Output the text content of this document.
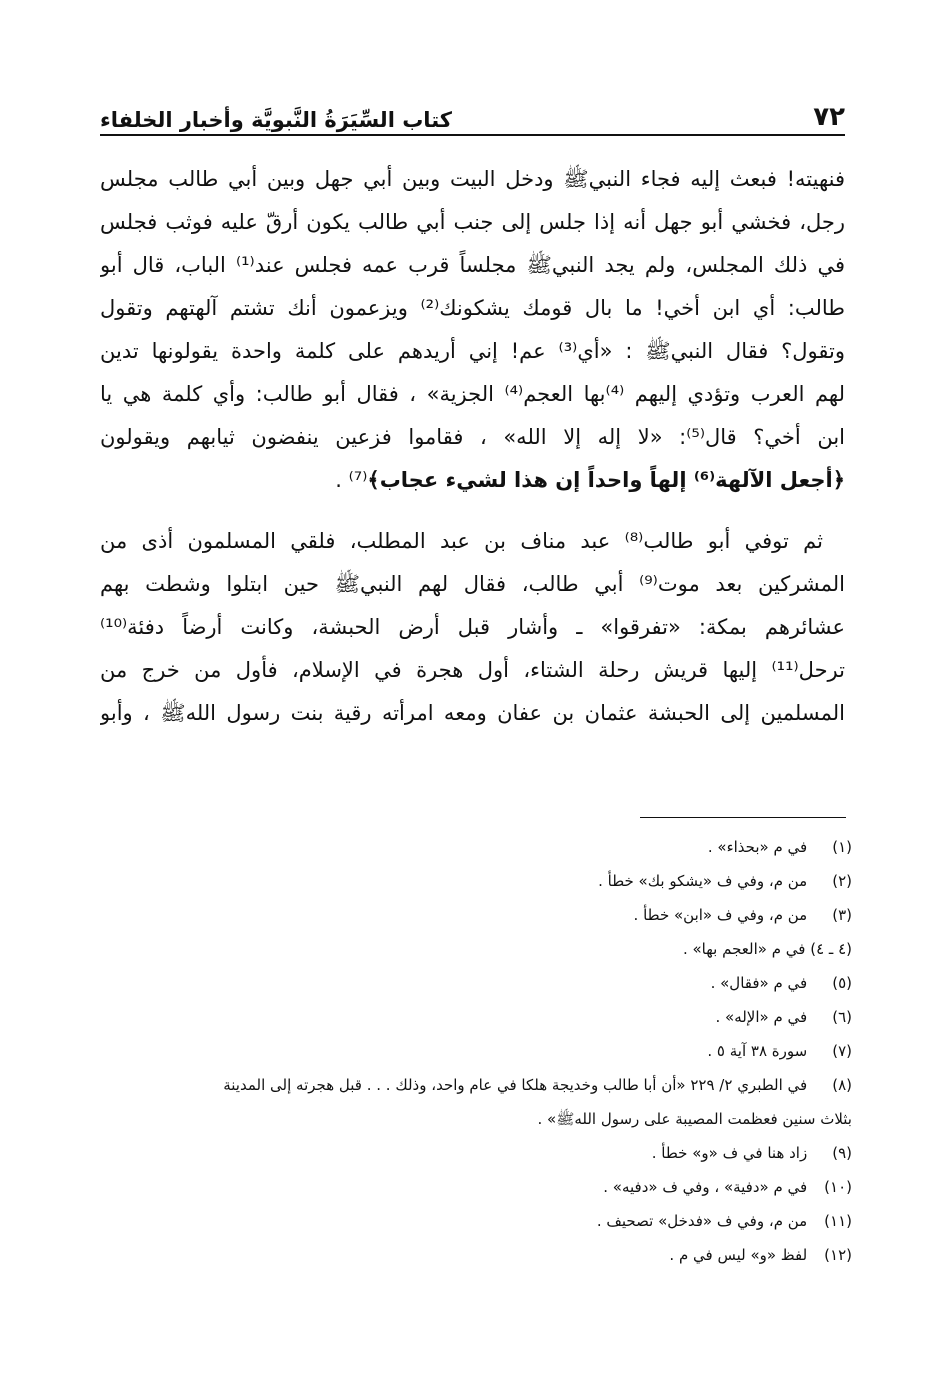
٧٢
كتاب السِّيَرَةُ النَّبويَّة وأخبار الخلفاء
فنهيته! فبعث إليه فجاء النبيﷺ ودخل البيت وبين أبي جهل وبين أبي طالب مجلس
رجل، فخشي أبو جهل أنه إذا جلس إلى جنب أبي طالب يكون أرقّ عليه فوثب فجلس
في ذلك المجلس، ولم يجد النبيﷺ مجلساً قرب عمه فجلس عند⁽¹⁾ الباب، قال أبو
طالب: أي ابن أخي! ما بال قومك يشكونك⁽²⁾ ويزعمون أنك تشتم آلهتهم وتقول
وتقول؟ فقال النبيﷺ : «أي⁽³⁾ عم! إني أريدهم على كلمة واحدة يقولونها تدين
لهم العرب وتؤدي إليهم ⁽⁴⁾بها العجم⁽⁴⁾ الجزية» ، فقال أبو طالب: وأي كلمة هي يا
ابن أخي؟ قال⁽⁵⁾: «لا إله إلا الله» ، فقاموا فزعين ينفضون ثيابهم ويقولون
﴿أجعل الآلهة⁽⁶⁾ إلهاً واحداً إن هذا لشيء عجاب﴾⁽⁷⁾ .
ثم توفي أبو طالب⁽⁸⁾ عبد مناف بن عبد المطلب، فلقي المسلمون أذى من
المشركين بعد موت⁽⁹⁾ أبي طالب، فقال لهم النبيﷺ حين ابتلوا وشطت بهم
عشائرهم بمكة: «تفرقوا» ـ وأشار قبل أرض الحبشة، وكانت أرضاً دفئة⁽¹⁰⁾
ترحل⁽¹¹⁾ إليها قريش رحلة الشتاء، أول هجرة في الإسلام، فأول من خرج من
المسلمين إلى الحبشة عثمان بن عفان ومعه امرأته رقية بنت رسول اللهﷺ ، وأبو
(١) في م «بحذاء» .
(٢) من م، وفي ف «يشكو بك» خطأ .
(٣) من م، وفي ف «ابن» خطأ .
(٤ ـ ٤) في م «العجم بها» .
(٥) في م «فقال» .
(٦) في م «الإله» .
(٧) سورة ٣٨ آية ٥ .
(٨) في الطبري ٢/ ٢٢٩ «أن أبا طالب وخديجة هلكا في عام واحد، وذلك . . . قبل هجرته إلى المدينة
بثلاث سنين فعظمت المصيبة على رسول اللهﷺ» .
(٩) زاد هنا في ف «و» خطأ .
(١٠) في م «دفية» ، وفي ف «دفيه» .
(١١) من م، وفي ف «فدخل» تصحيف .
(١٢) لفظ «و» ليس في م .
